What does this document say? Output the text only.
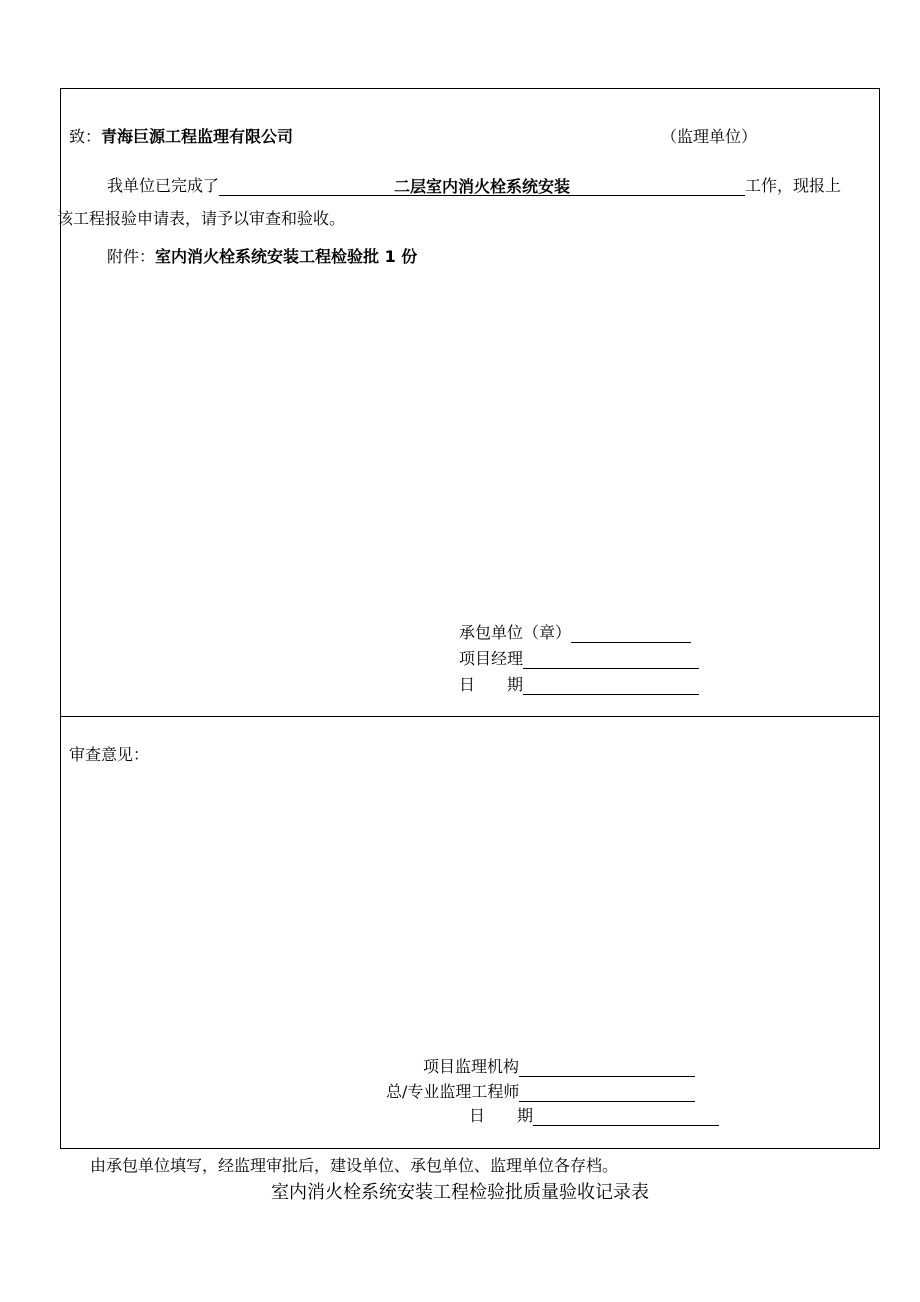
致：青海巨源工程监理有限公司	（监理单位）
我单位已完成了	二层室内消火栓系统安装	工作，现报上
该工程报验申请表，请予以审查和验收。
附件：室内消火栓系统安装工程检验批 1 份
承包单位（章）
项目经理
日　　期
审查意见：
项目监理机构
总/专业监理工程师
日　　期
由承包单位填写，经监理审批后，建设单位、承包单位、监理单位各存档。
室内消火栓系统安装工程检验批质量验收记录表
